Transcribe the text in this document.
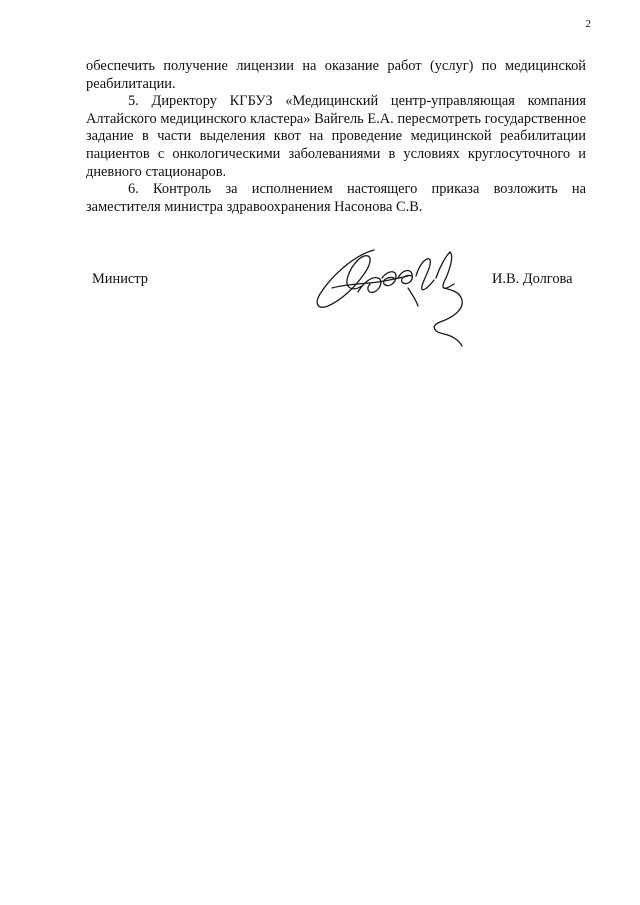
2

обеспечить получение лицензии на оказание работ (услуг) по медицинской реабилитации.

5. Директору КГБУЗ «Медицинский центр-управляющая компания Алтайского медицинского кластера» Вайгель Е.А. пересмотреть государственное задание в части выделения квот на проведение медицинской реабилитации пациентов с онкологическими заболеваниями в условиях круглосуточного и дневного стационаров.

6. Контроль за исполнением настоящего приказа возложить на заместителя министра здравоохранения Насонова С.В.

Министр	И.В. Долгова
